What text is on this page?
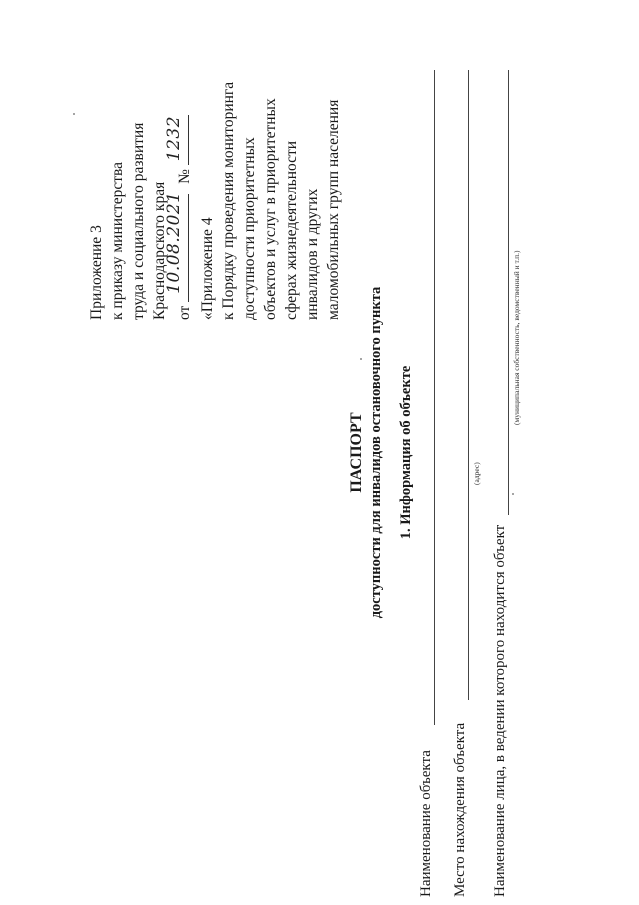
Приложение 3 к приказу министерства труда и социального развития Краснодарского края от
10.08.2021
№
1232
«Приложение 4 к Порядку проведения мониторинга доступности приоритетных объектов и услуг в приоритетных сферах жизнедеятельности инвалидов и других маломобильных групп населения
ПАСПОРТ доступности для инвалидов остановочного пункта 1. Информация об объекте
Наименование объекта Место нахождения объекта
(адрес)
Наименование лица, в ведении которого находится объект
(муниципальная собственность, ведомственный и т.п.)
